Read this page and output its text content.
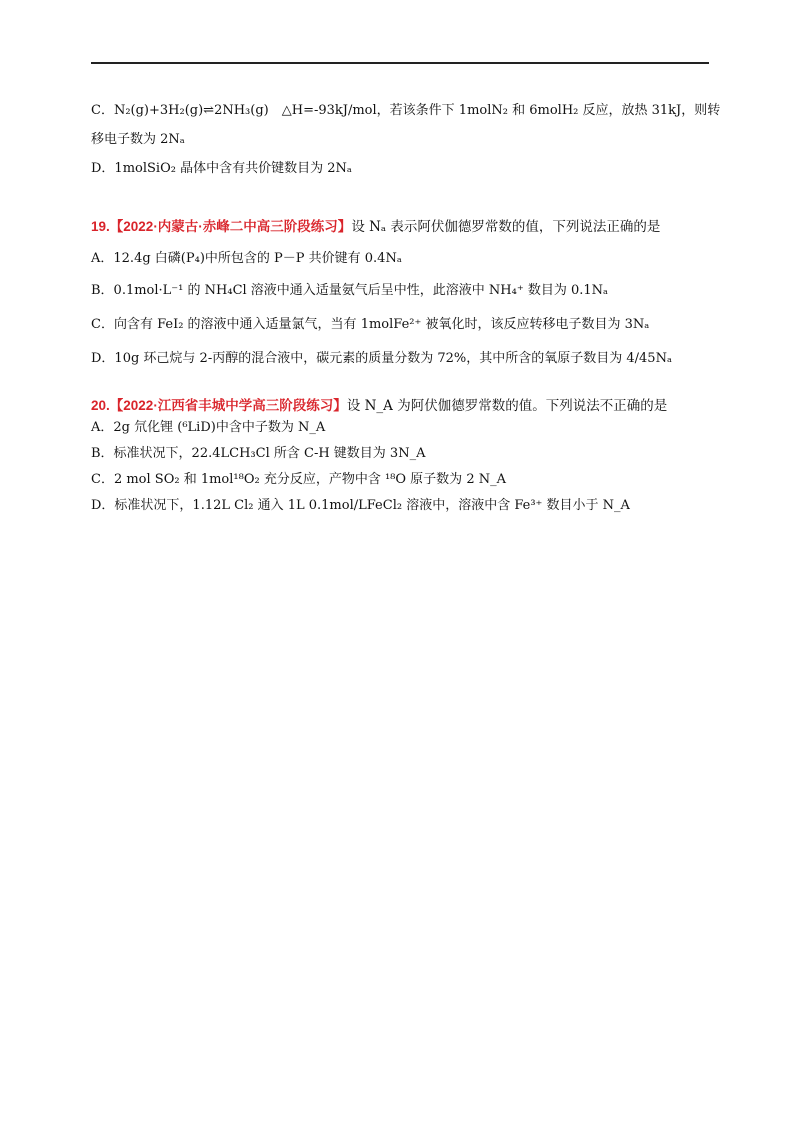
C．N₂(g)+3H₂(g)⇌2NH₃(g)　△H=-93kJ/mol，若该条件下 1molN₂ 和 6molH₂ 反应，放热 31kJ，则转
移电子数为 2Nₐ
D．1molSiO₂ 晶体中含有共价键数目为 2Nₐ
19.【2022·内蒙古·赤峰二中高三阶段练习】设 Nₐ 表示阿伏伽德罗常数的值，下列说法正确的是
A．12.4g 白磷(P₄)中所包含的 P－P 共价键有 0.4Nₐ
B．0.1mol·L⁻¹ 的 NH₄Cl 溶液中通入适量氨气后呈中性，此溶液中 NH₄⁺ 数目为 0.1Nₐ
C．向含有 FeI₂ 的溶液中通入适量氯气，当有 1molFe²⁺ 被氧化时，该反应转移电子数目为 3Nₐ
D．10g 环己烷与 2-丙醇的混合液中，碳元素的质量分数为 72%，其中所含的氧原子数目为 4/45Nₐ
20.【2022·江西省丰城中学高三阶段练习】设 N_A 为阿伏伽德罗常数的值。下列说法不正确的是
A．2g 氘化锂 (⁶LiD)中含中子数为 N_A
B．标准状况下，22.4LCH₃Cl 所含 C-H 键数目为 3N_A
C．2 mol SO₂ 和 1mol¹⁸O₂ 充分反应，产物中含 ¹⁸O 原子数为 2 N_A
D．标准状况下，1.12L Cl₂ 通入 1L 0.1mol/LFeCl₂ 溶液中，溶液中含 Fe³⁺ 数目小于 N_A
